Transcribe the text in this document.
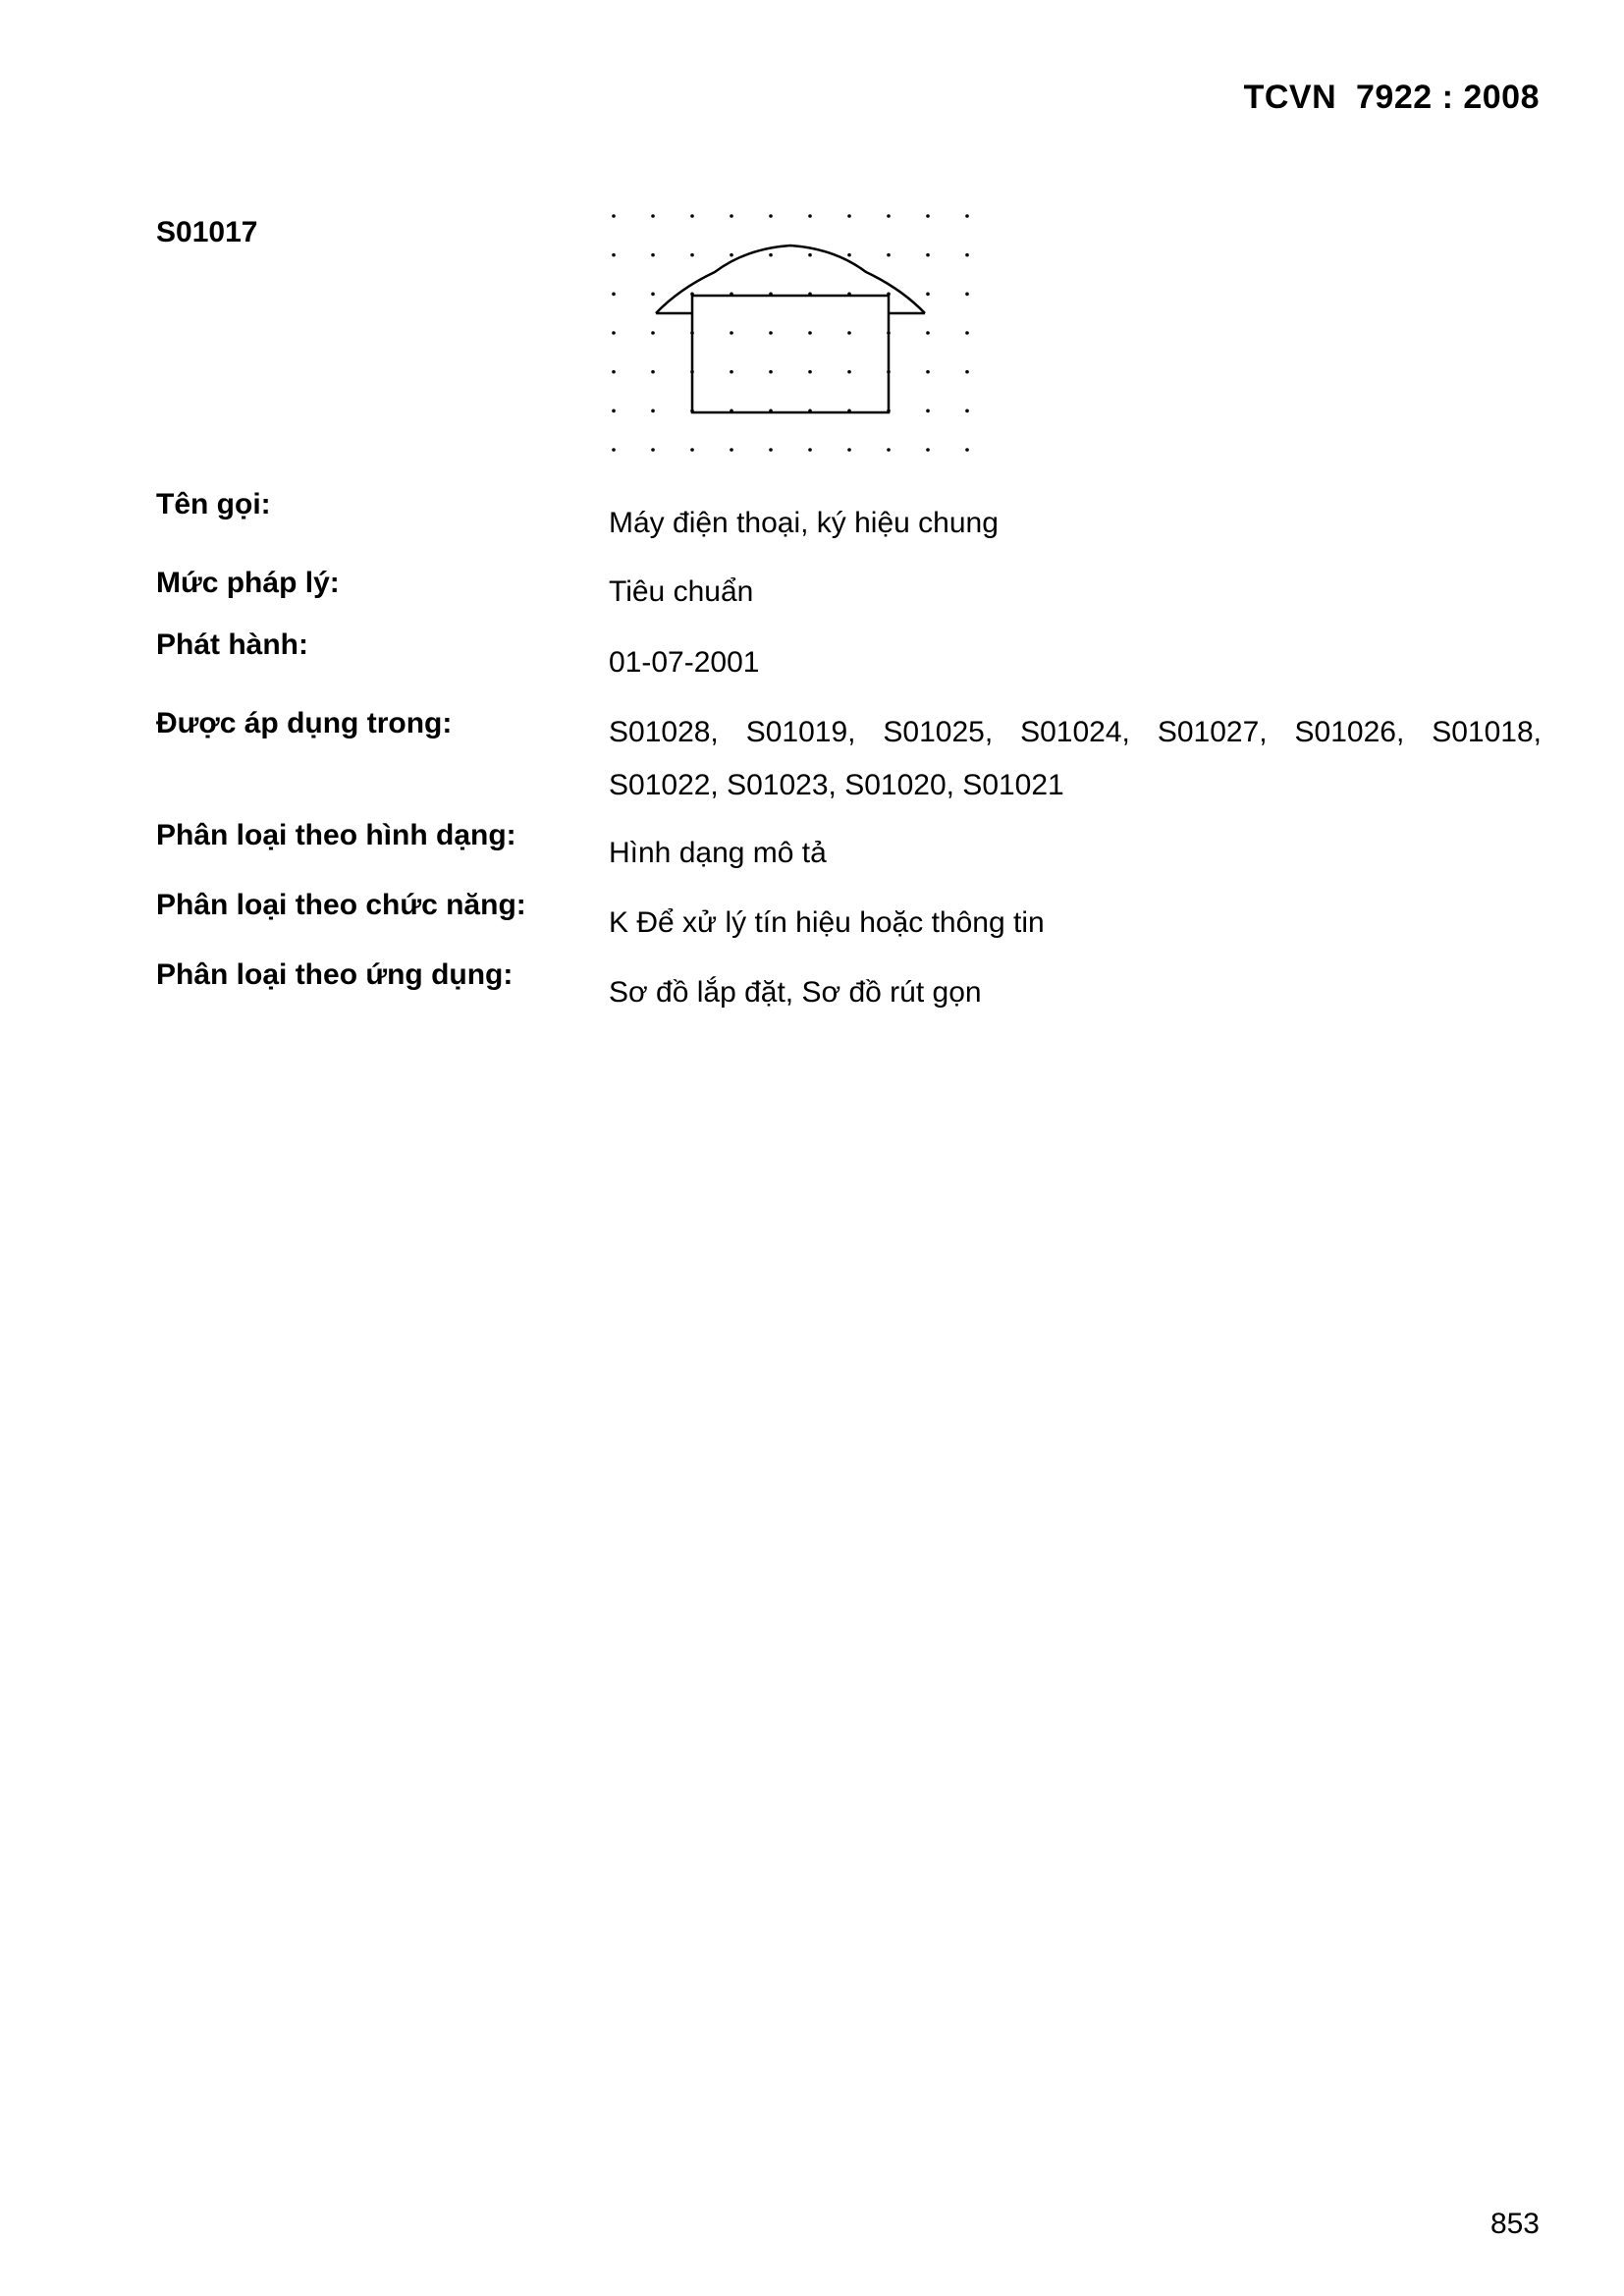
TCVN  7922 : 2008
S01017
Tên gọi:
Máy điện thoại, ký hiệu chung
Mức pháp lý:	Tiêu chuẩn
Phát hành:
01-07-2001
Được áp dụng trong:	S01028, S01019, S01025, S01024, S01027, S01026, S01018, S01022, S01023, S01020, S01021
Phân loại theo hình dạng:
Hình dạng mô tả
Phân loại theo chức năng:
K Để xử lý tín hiệu hoặc thông tin
Phân loại theo ứng dụng:
Sơ đồ lắp đặt, Sơ đồ rút gọn
853
